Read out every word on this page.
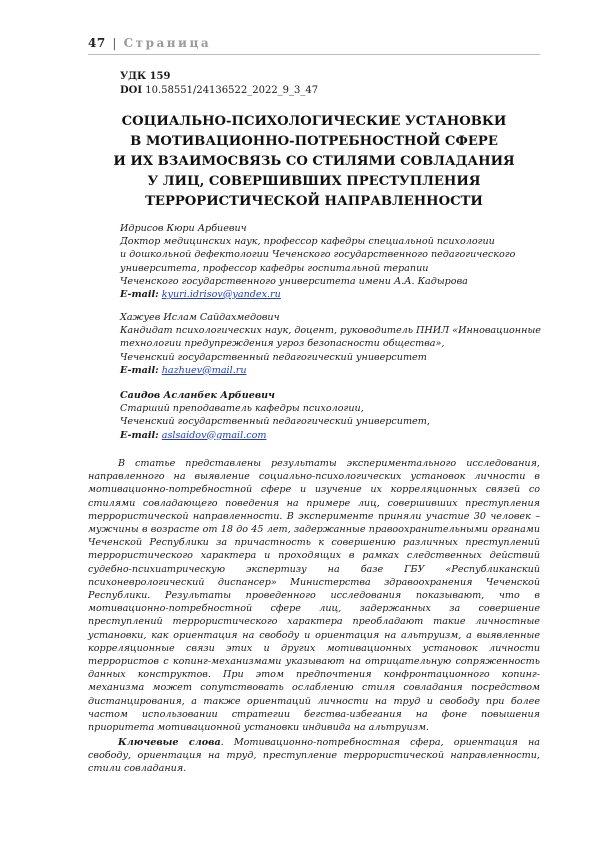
47 | Страница
УДК 159
DOI 10.58551/24136522_2022_9_3_47
СОЦИАЛЬНО-ПСИХОЛОГИЧЕСКИЕ УСТАНОВКИ
В МОТИВАЦИОННО-ПОТРЕБНОСТНОЙ СФЕРЕ
И ИХ ВЗАИМОСВЯЗЬ СО СТИЛЯМИ СОВЛАДАНИЯ
У ЛИЦ, СОВЕРШИВШИХ ПРЕСТУПЛЕНИЯ
ТЕРРОРИСТИЧЕСКОЙ НАПРАВЛЕННОСТИ
Идрисов Кюри Арбиевич
Доктор медицинских наук, профессор кафедры специальной психологии
и дошкольной дефектологии Чеченского государственного педагогического
университета, профессор кафедры госпитальной терапии
Чеченского государственного университета имени А.А. Кадырова
E-mail: kyuri.idrisov@yandex.ru
Хажуев Ислам Сайдахмедович
Кандидат психологических наук, доцент, руководитель ПНИЛ «Инновационные
технологии предупреждения угроз безопасности общества»,
Чеченский государственный педагогический университет
E-mail: hazhuev@mail.ru
Саидов Асланбек Арбиевич
Старший преподаватель кафедры психологии,
Чеченский государственный педагогический университет,
E-mail: aslsaidov@gmail.com

В статье представлены результаты экспериментального исследования, направленного на выявление социально-психологических установок личности в мотивационно-потребностной сфере и изучение их корреляционных связей со стилями совладающего поведения на примере лиц, совершивших преступления террористической направленности. В эксперименте приняли участие 30 человек – мужчины в возрасте от 18 до 45 лет, задержанные правоохранительными органами Чеченской Республики за причастность к совершению различных преступлений террористического характера и проходящих в рамках следственных действий судебно-психиатрическую экспертизу на базе ГБУ «Республиканский психоневрологический диспансер» Министерства здравоохранения Чеченской Республики. Результаты проведенного исследования показывают, что в мотивационно-потребностной сфере лиц, задержанных за совершение преступлений террористического характера преобладают такие личностные установки, как ориентация на свободу и ориентация на альтруизм, а выявленные корреляционные связи этих и других мотивационных установок личности террористов с копинг-механизмами указывают на отрицательную сопряженность данных конструктов. При этом предпочтения конфронтационного копинг-механизма может сопутствовать ослаблению стиля совладания посредством дистанцирования, а также ориентаций личности на труд и свободу при более частом использовании стратегии бегства-избегания на фоне повышения приоритета мотивационной установки индивида на альтруизм.

Ключевые слова. Мотивационно-потребностная сфера, ориентация на свободу, ориентация на труд, преступление террористической направленности, стили совладания.
